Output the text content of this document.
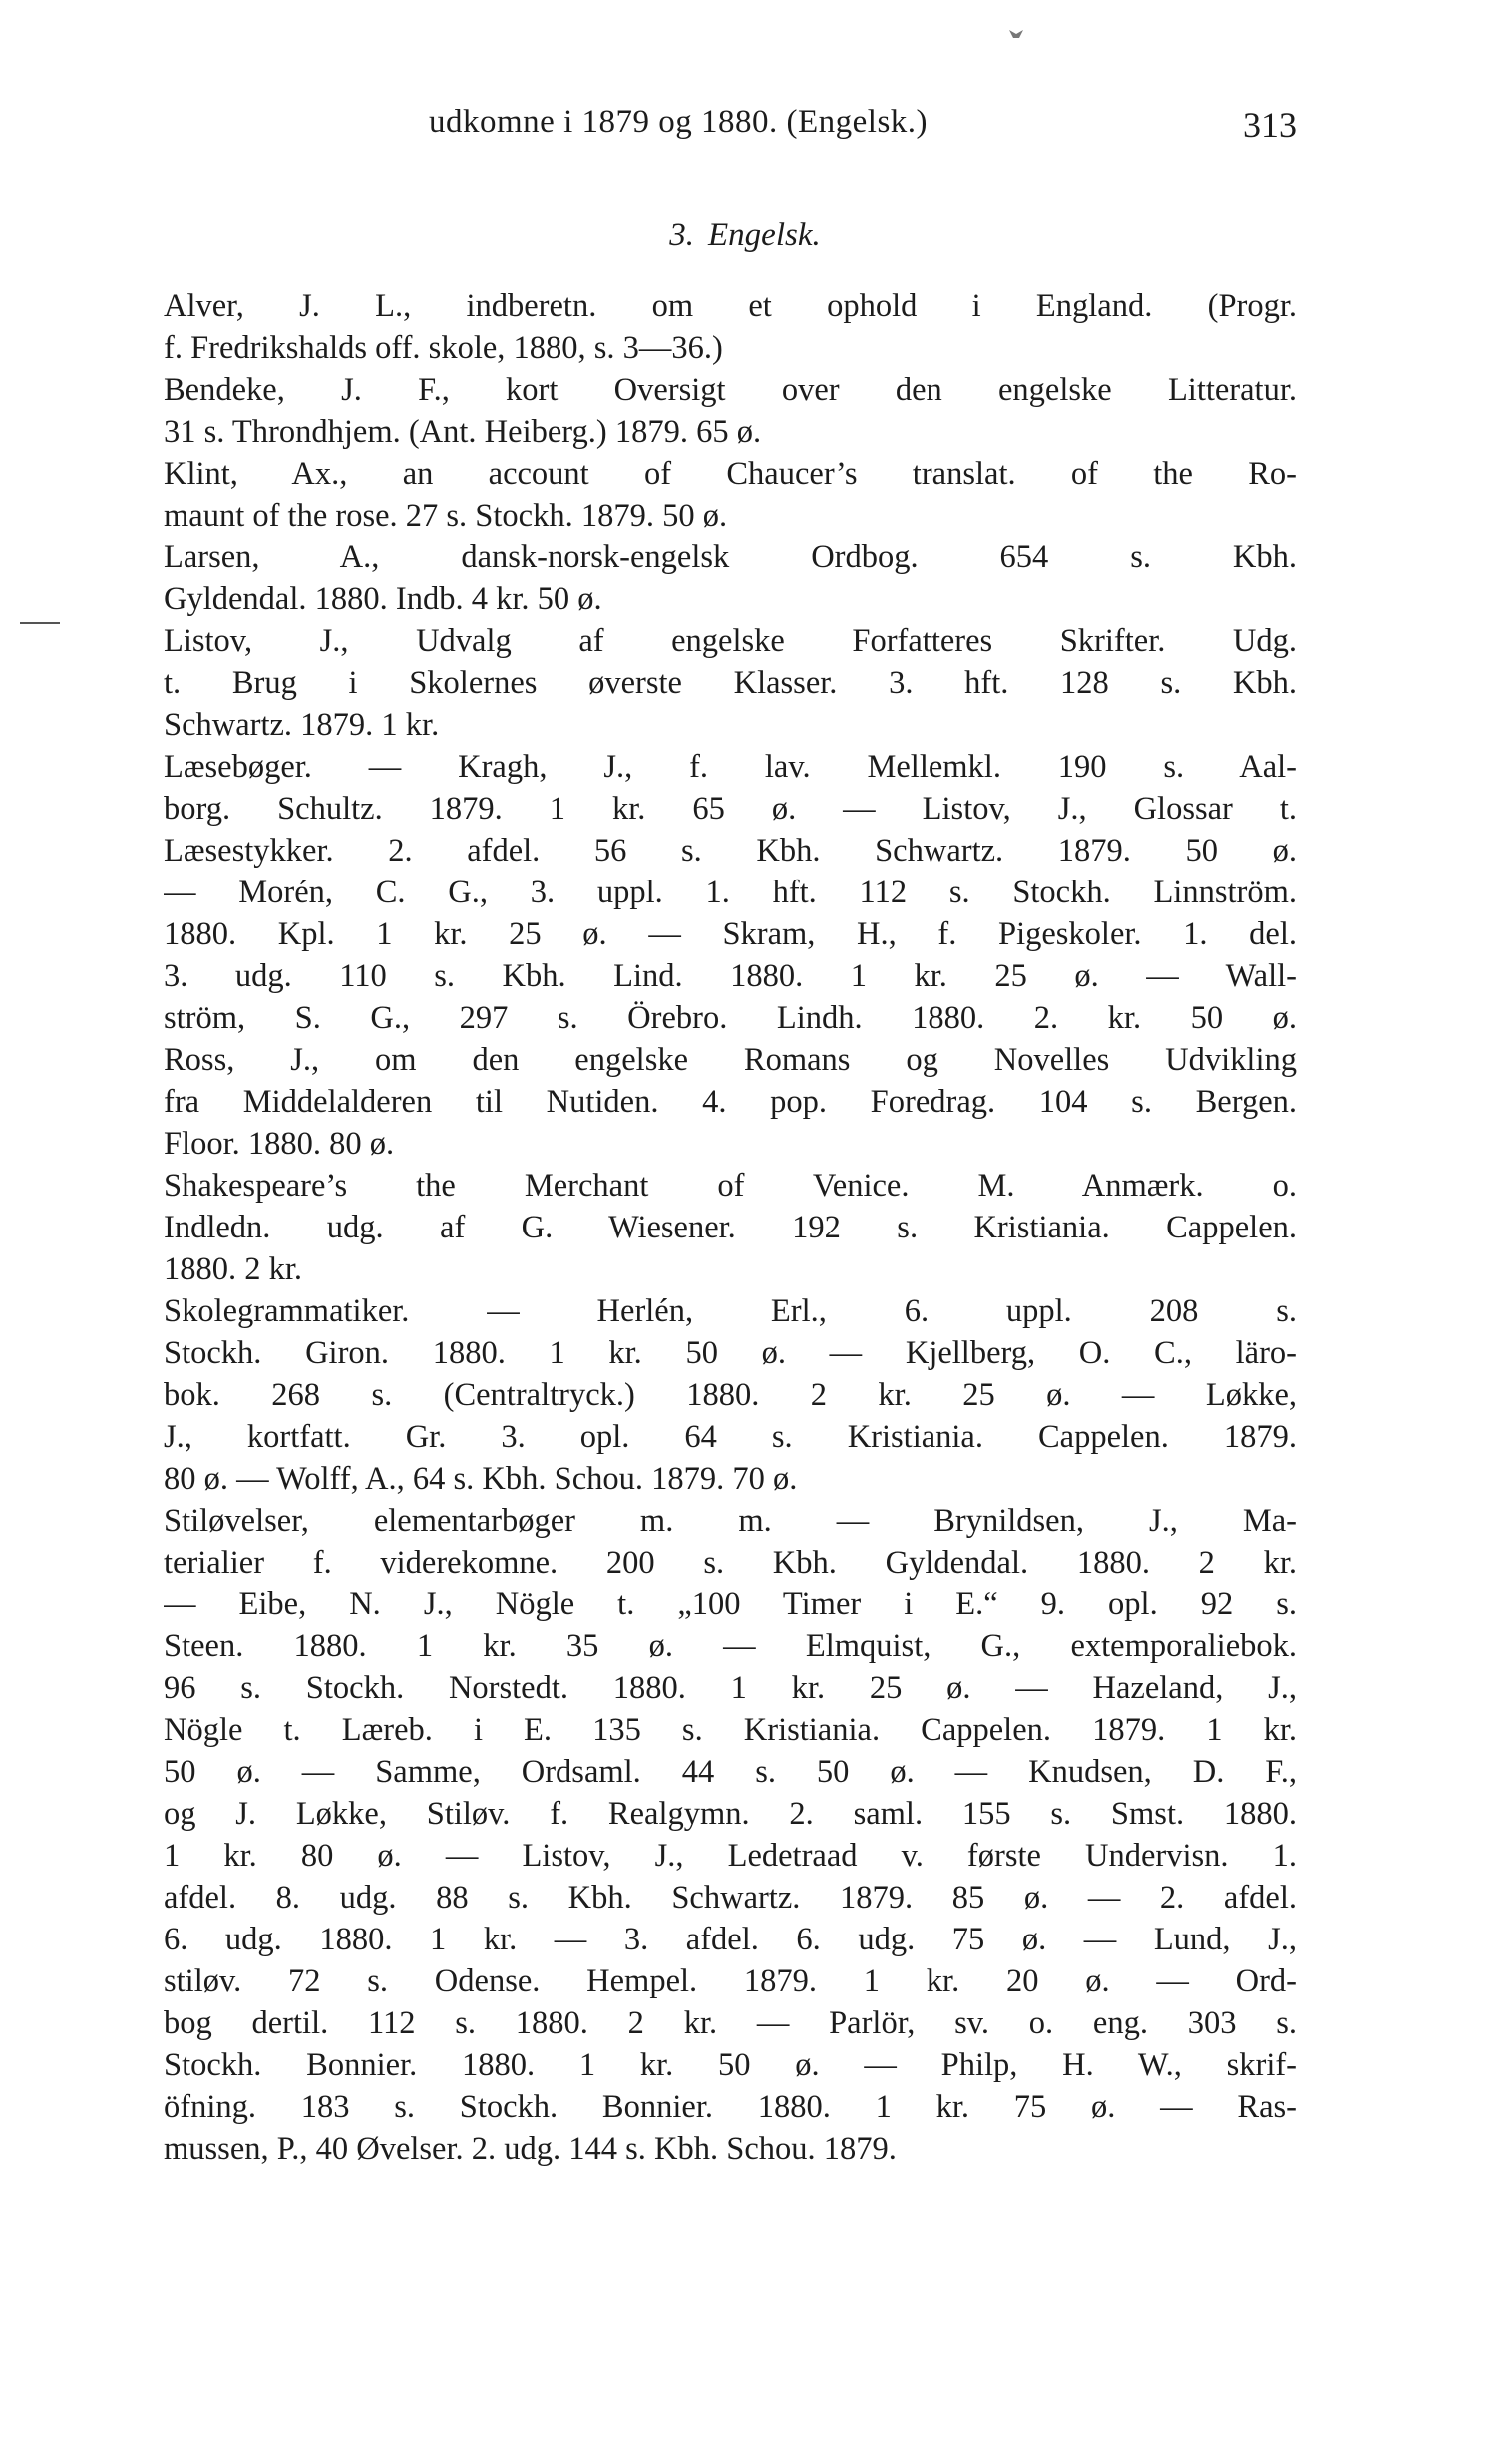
udkomne i 1879 og 1880. (Engelsk.)	313
3. Engelsk.
Alver, J. L., indberetn. om et ophold i England. (Progr.
f. Fredrikshalds off. skole, 1880, s. 3—36.)
Bendeke, J. F., kort Oversigt over den engelske Litteratur.
31 s. Throndhjem. (Ant. Heiberg.) 1879. 65 ø.
Klint, Ax., an account of Chaucer’s translat. of the Ro-
maunt of the rose. 27 s. Stockh. 1879. 50 ø.
Larsen, A., dansk-norsk-engelsk Ordbog. 654 s. Kbh.
Gyldendal. 1880. Indb. 4 kr. 50 ø.
Listov, J., Udvalg af engelske Forfatteres Skrifter. Udg.
t. Brug i Skolernes øverste Klasser. 3. hft. 128 s. Kbh.
Schwartz. 1879. 1 kr.
Læsebøger. — Kragh, J., f. lav. Mellemkl. 190 s. Aal-
borg. Schultz. 1879. 1 kr. 65 ø. — Listov, J., Glossar t.
Læsestykker. 2. afdel. 56 s. Kbh. Schwartz. 1879. 50 ø.
— Morén, C. G., 3. uppl. 1. hft. 112 s. Stockh. Linnström.
1880. Kpl. 1 kr. 25 ø. — Skram, H., f. Pigeskoler. 1. del.
3. udg. 110 s. Kbh. Lind. 1880. 1 kr. 25 ø. — Wall-
ström, S. G., 297 s. Örebro. Lindh. 1880. 2. kr. 50 ø.
Ross, J., om den engelske Romans og Novelles Udvikling
fra Middelalderen til Nutiden. 4. pop. Foredrag. 104 s. Bergen.
Floor. 1880. 80 ø.
Shakespeare’s the Merchant of Venice. M. Anmærk. o.
Indledn. udg. af G. Wiesener. 192 s. Kristiania. Cappelen.
1880. 2 kr.
Skolegrammatiker. — Herlén, Erl., 6. uppl. 208 s.
Stockh. Giron. 1880. 1 kr. 50 ø. — Kjellberg, O. C., läro-
bok. 268 s. (Centraltryck.) 1880. 2 kr. 25 ø. — Løkke,
J., kortfatt. Gr. 3. opl. 64 s. Kristiania. Cappelen. 1879.
80 ø. — Wolff, A., 64 s. Kbh. Schou. 1879. 70 ø.
Stiløvelser, elementarbøger m. m. — Brynildsen, J., Ma-
terialier f. viderekomne. 200 s. Kbh. Gyldendal. 1880. 2 kr.
— Eibe, N. J., Nögle t. „100 Timer i E.“ 9. opl. 92 s.
Steen. 1880. 1 kr. 35 ø. — Elmquist, G., extemporaliebok.
96 s. Stockh. Norstedt. 1880. 1 kr. 25 ø. — Hazeland, J.,
Nögle t. Læreb. i E. 135 s. Kristiania. Cappelen. 1879. 1 kr.
50 ø. — Samme, Ordsaml. 44 s. 50 ø. — Knudsen, D. F.,
og J. Løkke, Stiløv. f. Realgymn. 2. saml. 155 s. Smst. 1880.
1 kr. 80 ø. — Listov, J., Ledetraad v. første Undervisn. 1.
afdel. 8. udg. 88 s. Kbh. Schwartz. 1879. 85 ø. — 2. afdel.
6. udg. 1880. 1 kr. — 3. afdel. 6. udg. 75 ø. — Lund, J.,
stiløv. 72 s. Odense. Hempel. 1879. 1 kr. 20 ø. — Ord-
bog dertil. 112 s. 1880. 2 kr. — Parlör, sv. o. eng. 303 s.
Stockh. Bonnier. 1880. 1 kr. 50 ø. — Philp, H. W., skrif-
öfning. 183 s. Stockh. Bonnier. 1880. 1 kr. 75 ø. — Ras-
mussen, P., 40 Øvelser. 2. udg. 144 s. Kbh. Schou. 1879.
